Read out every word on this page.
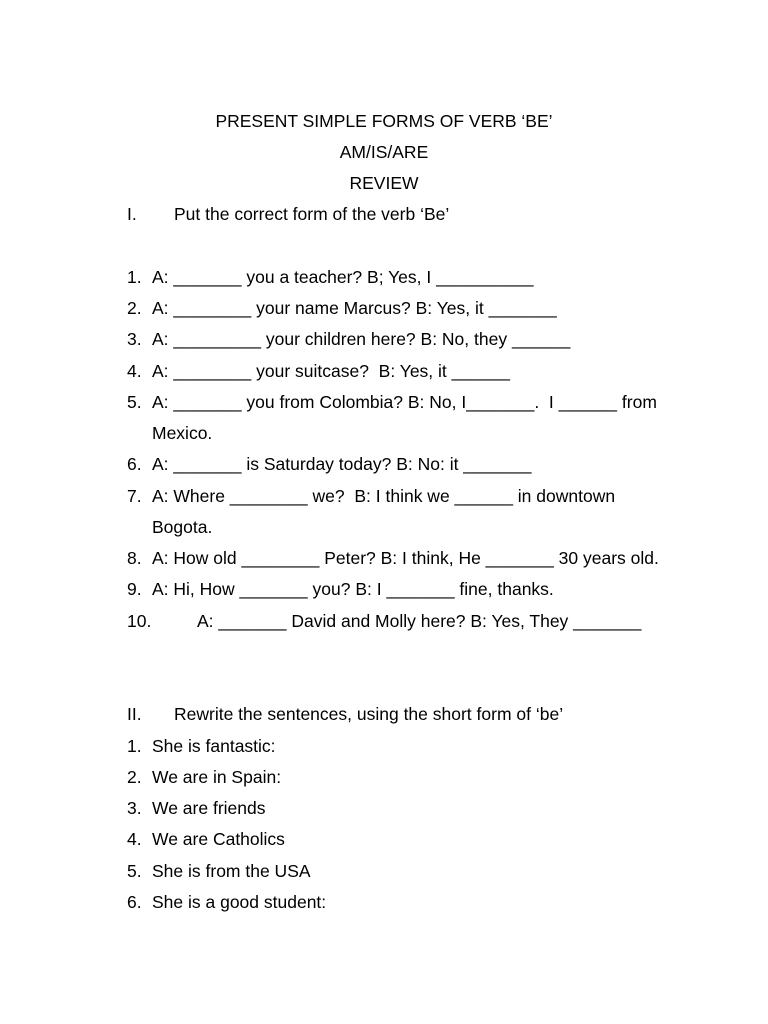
PRESENT SIMPLE FORMS OF VERB ‘BE’
AM/IS/ARE
REVIEW
I. Put the correct form of the verb ‘Be’
1. A: _______ you a teacher? B; Yes, I __________
2. A: ________ your name Marcus? B: Yes, it _______
3. A: _________ your children here? B: No, they ______
4. A: ________ your suitcase?  B: Yes, it ______
5. A: _______ you from Colombia? B: No, I_______.  I ______ from
Mexico.
6. A: _______ is Saturday today? B: No: it _______
7. A: Where ________ we?  B: I think we ______ in downtown
Bogota.
8. A: How old ________ Peter? B: I think, He _______ 30 years old.
9. A: Hi, How _______ you? B: I _______ fine, thanks.
10.	A: _______ David and Molly here? B: Yes, They _______
II. Rewrite the sentences, using the short form of ‘be’
1. She is fantastic:
2. We are in Spain:
3. We are friends
4. We are Catholics
5. She is from the USA
6. She is a good student:
